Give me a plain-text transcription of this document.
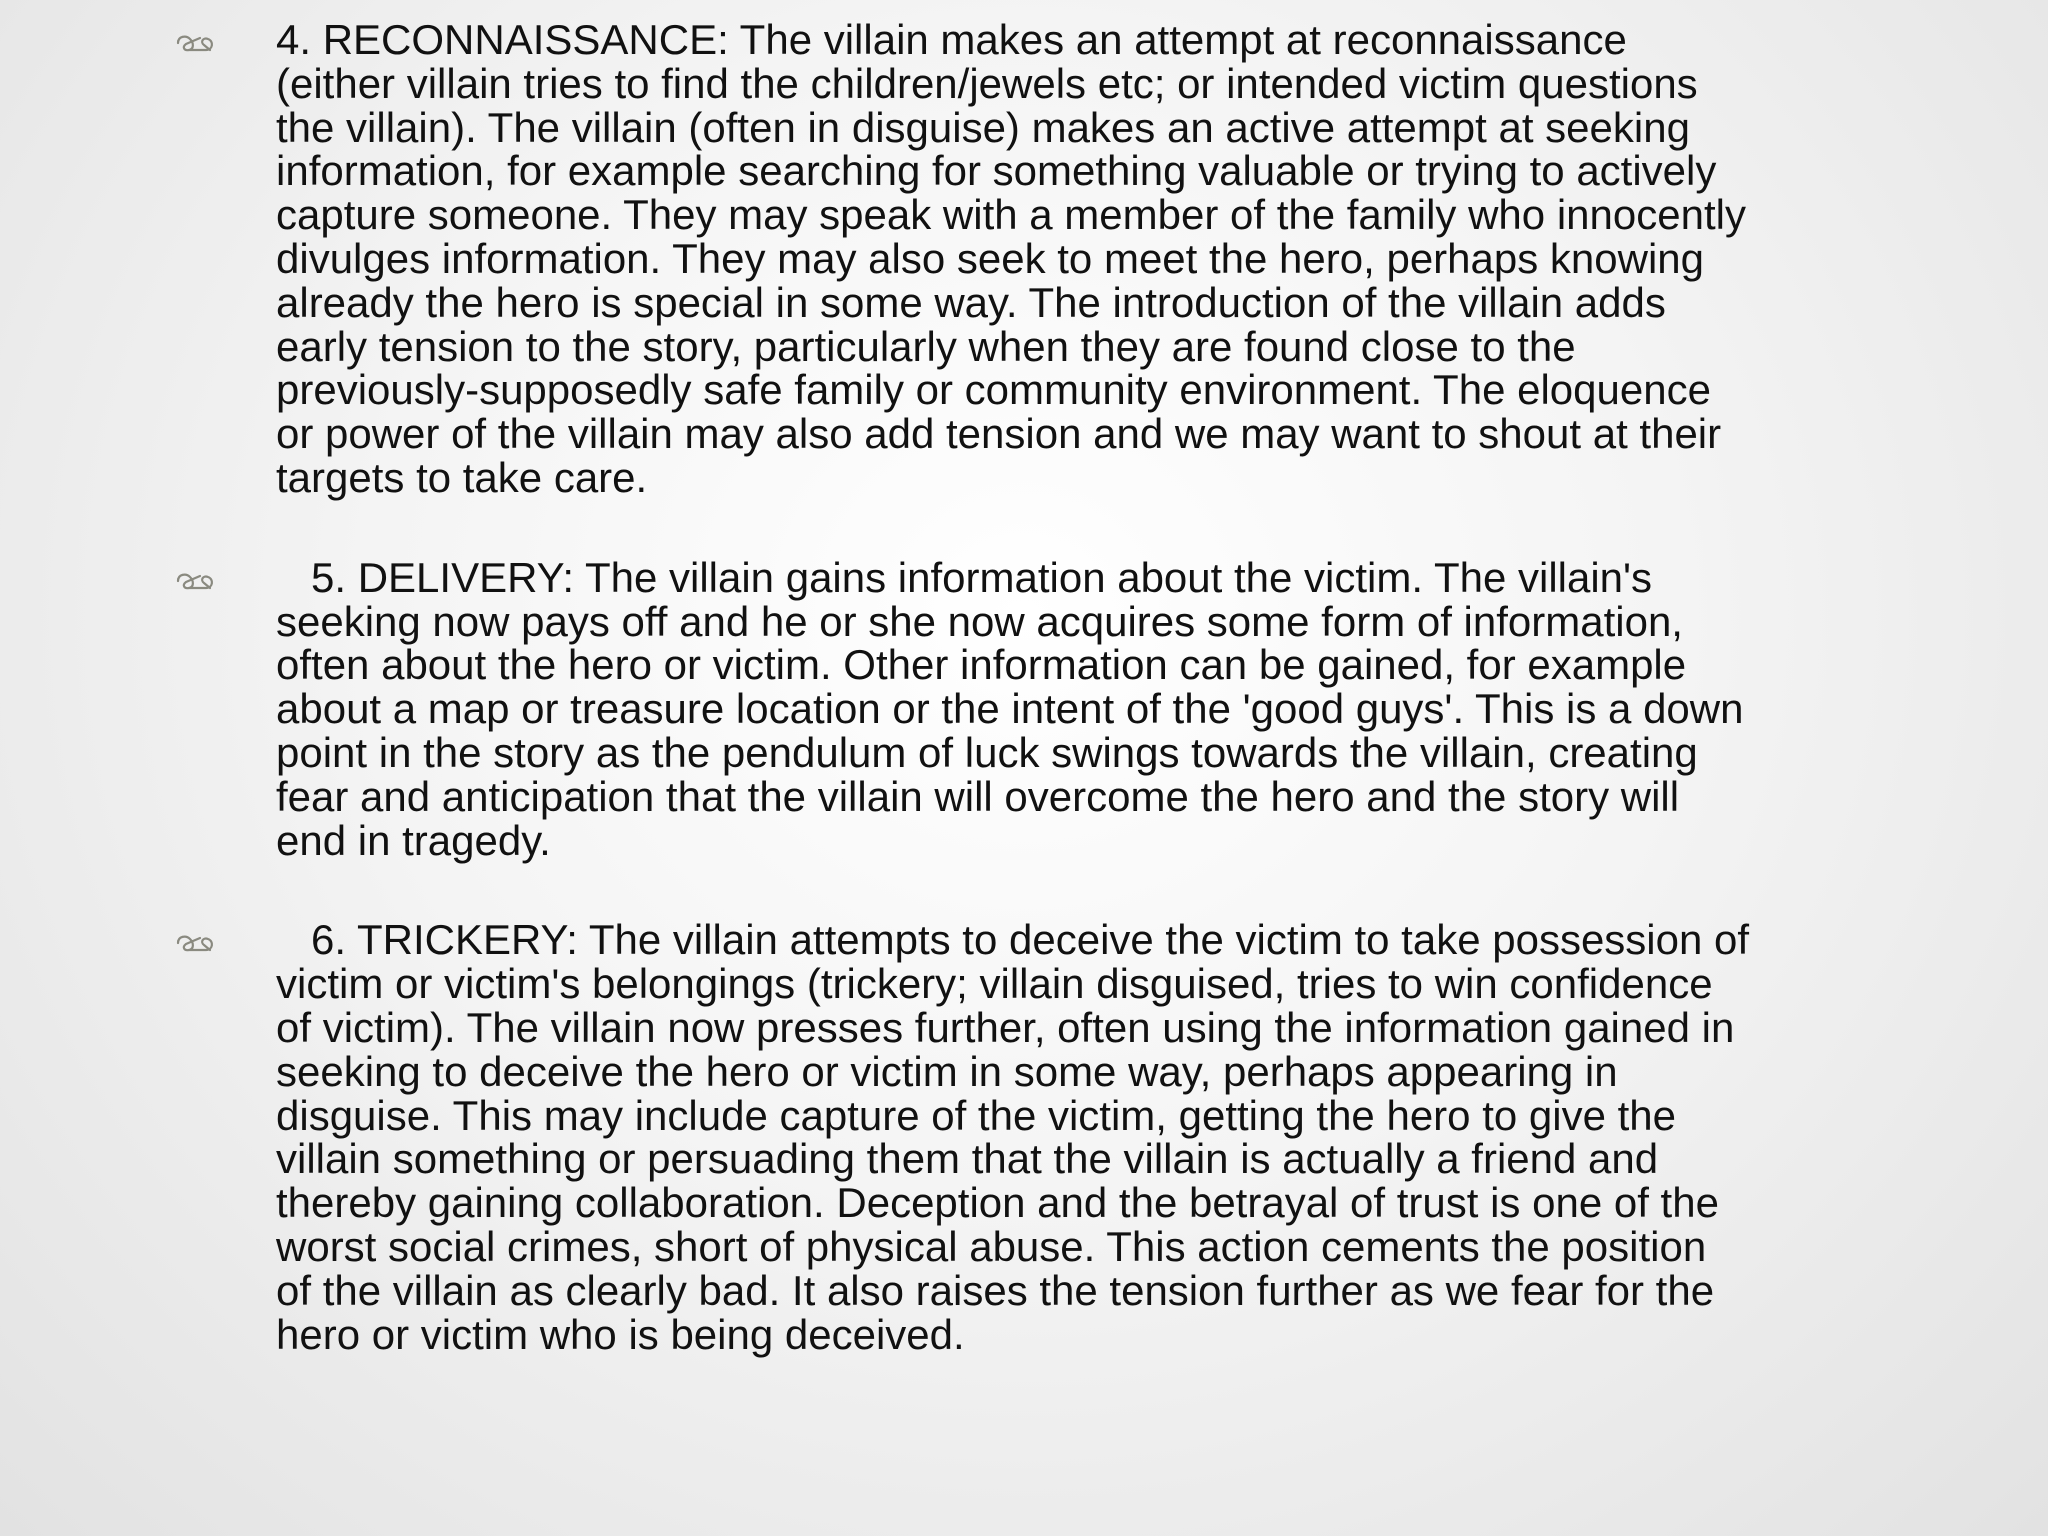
4. RECONNAISSANCE: The villain makes an attempt at reconnaissance
(either villain tries to find the children/jewels etc; or intended victim questions
the villain). The villain (often in disguise) makes an active attempt at seeking
information, for example searching for something valuable or trying to actively
capture someone. They may speak with a member of the family who innocently
divulges information. They may also seek to meet the hero, perhaps knowing
already the hero is special in some way. The introduction of the villain adds
early tension to the story, particularly when they are found close to the
previously-supposedly safe family or community environment. The eloquence
or power of the villain may also add tension and we may want to shout at their
targets to take care.
5. DELIVERY: The villain gains information about the victim. The villain's
seeking now pays off and he or she now acquires some form of information,
often about the hero or victim. Other information can be gained, for example
about a map or treasure location or the intent of the 'good guys'. This is a down
point in the story as the pendulum of luck swings towards the villain, creating
fear and anticipation that the villain will overcome the hero and the story will
end in tragedy.
6. TRICKERY: The villain attempts to deceive the victim to take possession of
victim or victim's belongings (trickery; villain disguised, tries to win confidence
of victim). The villain now presses further, often using the information gained in
seeking to deceive the hero or victim in some way, perhaps appearing in
disguise. This may include capture of the victim, getting the hero to give the
villain something or persuading them that the villain is actually a friend and
thereby gaining collaboration. Deception and the betrayal of trust is one of the
worst social crimes, short of physical abuse. This action cements the position
of the villain as clearly bad. It also raises the tension further as we fear for the
hero or victim who is being deceived.
